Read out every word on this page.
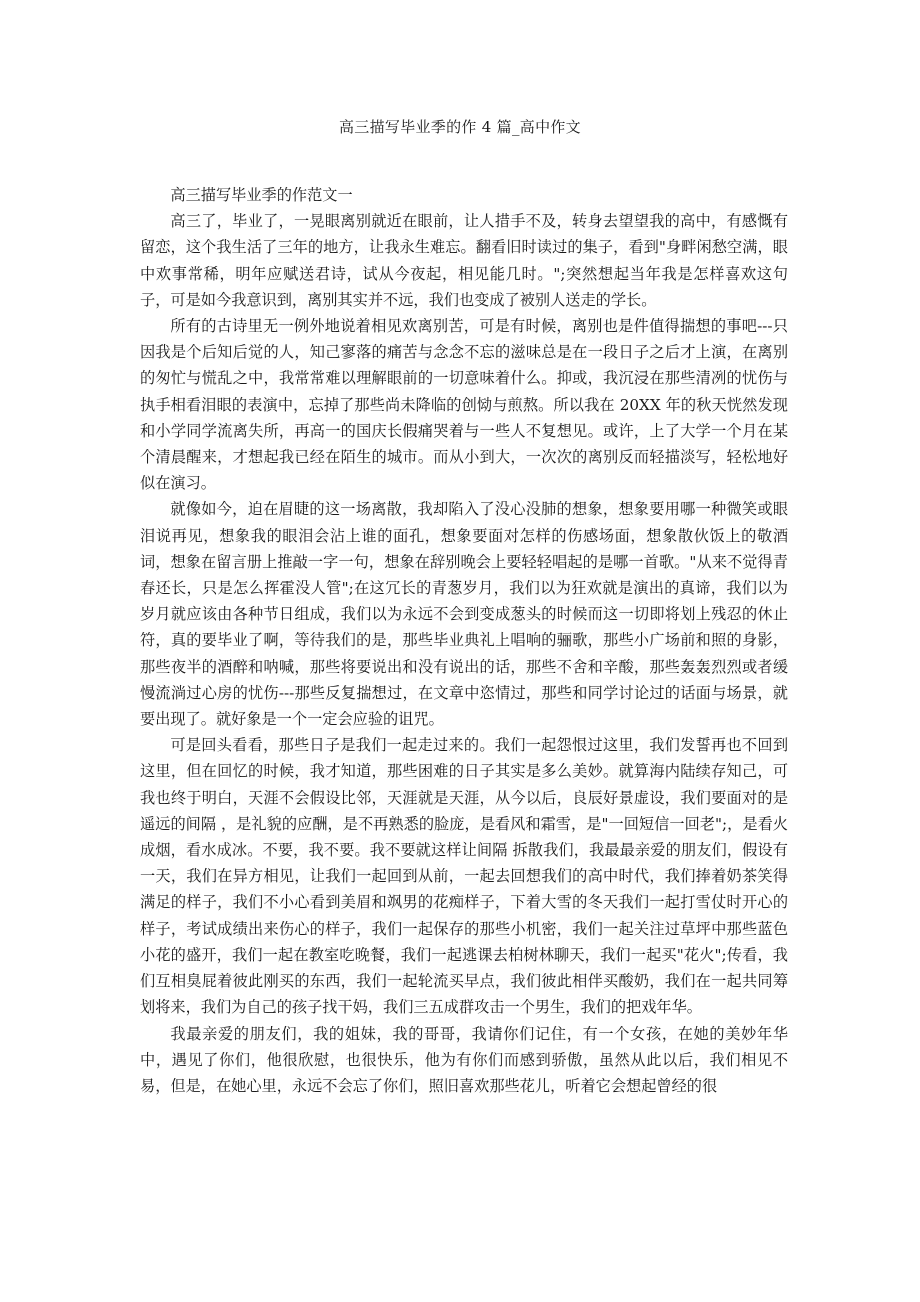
高三描写毕业季的作 4 篇_高中作文

高三描写毕业季的作范文一

高三了，毕业了，一晃眼离别就近在眼前，让人措手不及，转身去望望我的高中，有感慨有留恋，这个我生活了三年的地方，让我永生难忘。翻看旧时读过的集子，看到"身畔闲愁空满，眼中欢事常稀，明年应赋送君诗，试从今夜起，相见能几时。";突然想起当年我是怎样喜欢这句子，可是如今我意识到，离别其实并不远，我们也变成了被别人送走的学长。

所有的古诗里无一例外地说着相见欢离别苦，可是有时候，离别也是件值得揣想的事吧---只因我是个后知后觉的人，知己寥落的痛苦与念念不忘的滋味总是在一段日子之后才上演，在离别的匆忙与慌乱之中，我常常难以理解眼前的一切意味着什么。抑或，我沉浸在那些清冽的忧伤与执手相看泪眼的表演中，忘掉了那些尚未降临的创恸与煎熬。所以我在 20XX 年的秋天恍然发现和小学同学流离失所，再高一的国庆长假痛哭着与一些人不复想见。或许，上了大学一个月在某个清晨醒来，才想起我已经在陌生的城市。而从小到大，一次次的离别反而轻描淡写，轻松地好似在演习。

就像如今，迫在眉睫的这一场离散，我却陷入了没心没肺的想象，想象要用哪一种微笑或眼泪说再见，想象我的眼泪会沾上谁的面孔，想象要面对怎样的伤感场面，想象散伙饭上的敬酒词，想象在留言册上推敲一字一句，想象在辞别晚会上要轻轻唱起的是哪一首歌。"从来不觉得青春还长，只是怎么挥霍没人管";在这冗长的青葱岁月，我们以为狂欢就是演出的真谛，我们以为岁月就应该由各种节日组成，我们以为永远不会到变成葱头的时候而这一切即将划上残忍的休止符，真的要毕业了啊，等待我们的是，那些毕业典礼上唱响的骊歌，那些小广场前和照的身影，那些夜半的酒醉和呐喊，那些将要说出和没有说出的话，那些不舍和辛酸，那些轰轰烈烈或者缓慢流淌过心房的忧伤---那些反复揣想过，在文章中恣情过，那些和同学讨论过的话面与场景，就要出现了。就好象是一个一定会应验的诅咒。

可是回头看看，那些日子是我们一起走过来的。我们一起怨恨过这里，我们发誓再也不回到这里，但在回忆的时候，我才知道，那些困难的日子其实是多么美妙。就算海内陆续存知己，可我也终于明白，天涯不会假设比邻，天涯就是天涯，从今以后，良辰好景虚设，我们要面对的是遥远的间隔 ，是礼貌的应酬，是不再熟悉的脸庞，是看风和霜雪，是"一回短信一回老";，是看火成烟，看水成冰。不要，我不要。我不要就这样让间隔 拆散我们，我最最亲爱的朋友们，假设有一天，我们在异方相见，让我们一起回到从前，一起去回想我们的高中时代，我们捧着奶茶笑得满足的样子，我们不小心看到美眉和飒男的花痴样子，下着大雪的冬天我们一起打雪仗时开心的样子，考试成绩出来伤心的样子，我们一起保存的那些小机密，我们一起关注过草坪中那些蓝色小花的盛开，我们一起在教室吃晚餐，我们一起逃课去柏树林聊天，我们一起买"花火";传看，我们互相臭屁着彼此刚买的东西，我们一起轮流买早点，我们彼此相伴买酸奶，我们在一起共同筹划将来，我们为自己的孩子找干妈，我们三五成群攻击一个男生，我们的把戏年华。

我最亲爱的朋友们，我的姐妹，我的哥哥，我请你们记住，有一个女孩，在她的美妙年华中，遇见了你们，他很欣慰，也很快乐，他为有你们而感到骄傲，虽然从此以后，我们相见不易，但是，在她心里，永远不会忘了你们，照旧喜欢那些花儿，听着它会想起曾经的很
